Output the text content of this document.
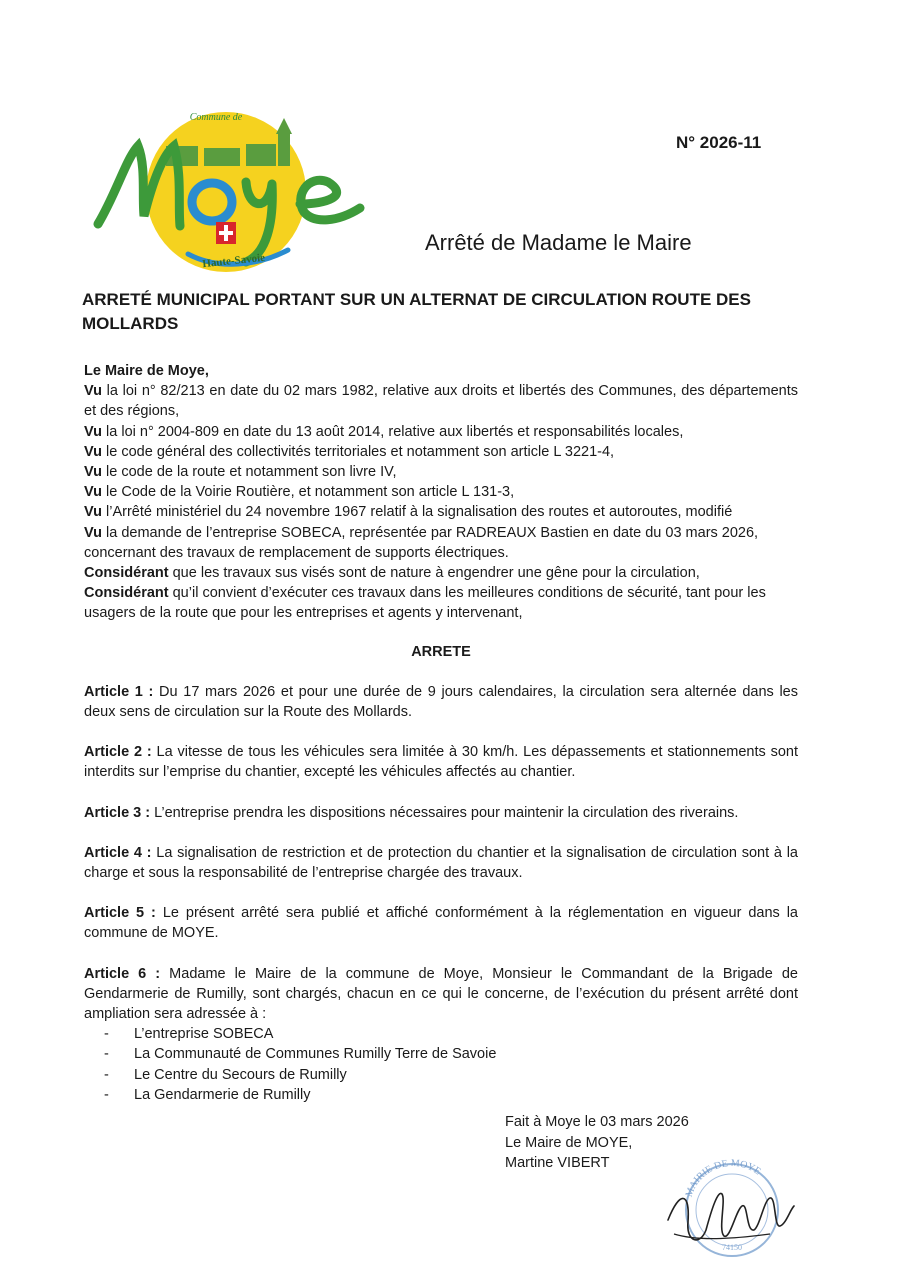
Commune de
Haute-Savoie
N° 2026-11
Arrêté de Madame le Maire
ARRETÉ MUNICIPAL PORTANT SUR UN ALTERNAT DE CIRCULATION ROUTE DES MOLLARDS

Le Maire de Moye,

Vu la loi n° 82/213 en date du 02 mars 1982, relative aux droits et libertés des Communes, des départements et des régions,

Vu la loi n° 2004-809 en date du 13 août 2014, relative aux libertés et responsabilités locales,

Vu le code général des collectivités territoriales et notamment son article L 3221-4,

Vu le code de la route et notamment son livre IV,

Vu le Code de la Voirie Routière, et notamment son article L 131-3,

Vu l’Arrêté ministériel du 24 novembre 1967 relatif à la signalisation des routes et autoroutes, modifié

Vu la demande de l’entreprise SOBECA, représentée par RADREAUX Bastien en date du 03 mars 2026, concernant des travaux de remplacement de supports électriques.

Considérant que les travaux sus visés sont de nature à engendrer une gêne pour la circulation,

Considérant qu’il convient d’exécuter ces travaux dans les meilleures conditions de sécurité, tant pour les usagers de la route que pour les entreprises et agents y intervenant,

ARRETE

Article 1 : Du 17 mars 2026 et pour une durée de 9 jours calendaires, la circulation sera alternée dans les deux sens de circulation sur la Route des Mollards.

Article 2 : La vitesse de tous les véhicules sera limitée à 30 km/h. Les dépassements et stationnements sont interdits sur l’emprise du chantier, excepté les véhicules affectés au chantier.

Article 3 : L’entreprise prendra les dispositions nécessaires pour maintenir la circulation des riverains.

Article 4 : La signalisation de restriction et de protection du chantier et la signalisation de circulation sont à la charge et sous la responsabilité de l’entreprise chargée des travaux.

Article 5 : Le présent arrêté sera publié et affiché conformément à la réglementation en vigueur dans la commune de MOYE.

Article 6 : Madame le Maire de la commune de Moye, Monsieur le Commandant de la Brigade de Gendarmerie de Rumilly, sont chargés, chacun en ce qui le concerne, de l’exécution du présent arrêté dont ampliation sera adressée à :

- L’entreprise SOBECA
- La Communauté de Communes Rumilly Terre de Savoie
- Le Centre du Secours de Rumilly
- La Gendarmerie de Rumilly
Fait à Moye le 03 mars 2026
Le Maire de MOYE,
Martine VIBERT
MAIRIE DE MOYE
74150
